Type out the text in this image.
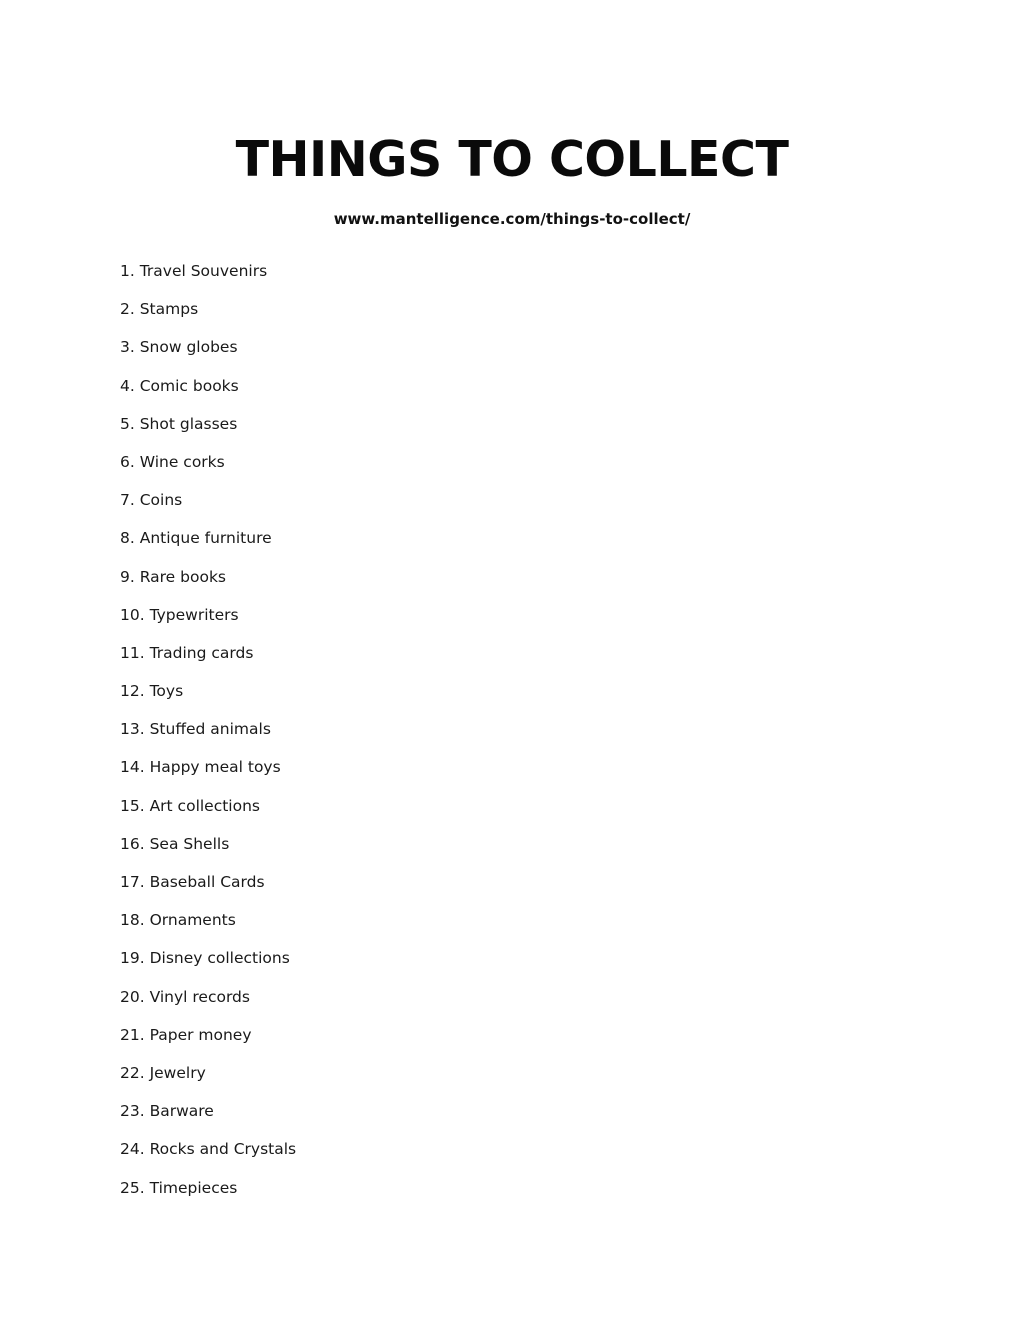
THINGS TO COLLECT
www.mantelligence.com/things-to-collect/
1. Travel Souvenirs
2. Stamps
3. Snow globes
4. Comic books
5. Shot glasses
6. Wine corks
7. Coins
8. Antique furniture
9. Rare books
10. Typewriters
11. Trading cards
12. Toys
13. Stuffed animals
14. Happy meal toys
15. Art collections
16. Sea Shells
17. Baseball Cards
18. Ornaments
19. Disney collections
20. Vinyl records
21. Paper money
22. Jewelry
23. Barware
24. Rocks and Crystals
25. Timepieces
